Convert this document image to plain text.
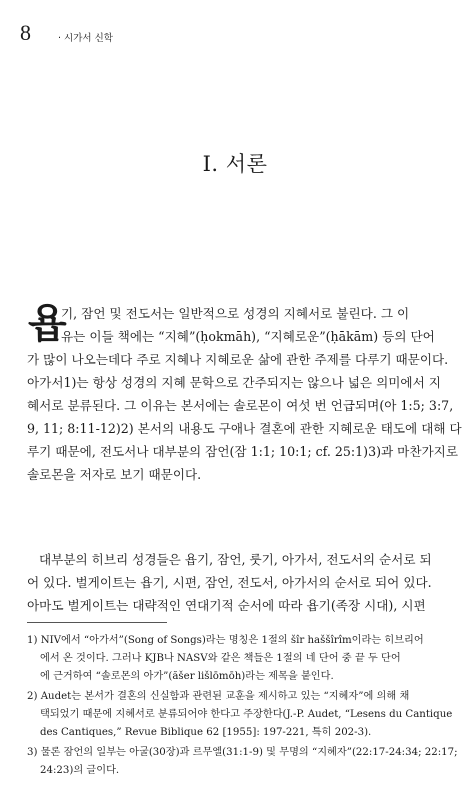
8	· 시가서 신학
I. 서론
욥
기, 잠언 및 전도서는 일반적으로 성경의 지혜서로 불린다. 그 이
유는 이들 책에는 “지혜”(ḥokmāh), “지혜로운”(ḥākām) 등의 단어
가 많이 나오는데다 주로 지혜나 지혜로운 삶에 관한 주제를 다루기 때문이다.
아가서1)는 항상 성경의 지혜 문학으로 간주되지는 않으나 넓은 의미에서 지
혜서로 분류된다. 그 이유는 본서에는 솔로몬이 여섯 번 언급되며(아 1:5; 3:7,
9, 11; 8:11-12)2) 본서의 내용도 구애나 결혼에 관한 지혜로운 태도에 대해 다
루기 때문에, 전도서나 대부분의 잠언(잠 1:1; 10:1; cf. 25:1)3)과 마찬가지로
솔로몬을 저자로 보기 때문이다.
대부분의 히브리 성경들은 욥기, 잠언, 룻기, 아가서, 전도서의 순서로 되
어 있다. 벌게이트는 욥기, 시편, 잠언, 전도서, 아가서의 순서로 되어 있다.
아마도 벌게이트는 대략적인 연대기적 순서에 따라 욥기(족장 시대), 시편
1) NIV에서 “아가서”(Song of Songs)라는 명칭은 1절의 šîr haššîrîm이라는 히브리어
에서 온 것이다. 그러나 KJB나 NASV와 같은 책들은 1절의 네 단어 중 끝 두 단어
에 근거하여 “솔로몬의 아가”(ăšer lišlōmōh)라는 제목을 붙인다.
2) Audet는 본서가 결혼의 신실함과 관련된 교훈을 제시하고 있는 “지혜자”에 의해 채
택되었기 때문에 지혜서로 분류되어야 한다고 주장한다(J.-P. Audet, “Lesens du Cantique
des Cantiques,” Revue Biblique 62 [1955]: 197-221, 특히 202-3).
3) 물론 잠언의 일부는 아굴(30장)과 르무엘(31:1-9) 및 무명의 “지혜자”(22:17-24:34; 22:17;
24:23)의 글이다.
